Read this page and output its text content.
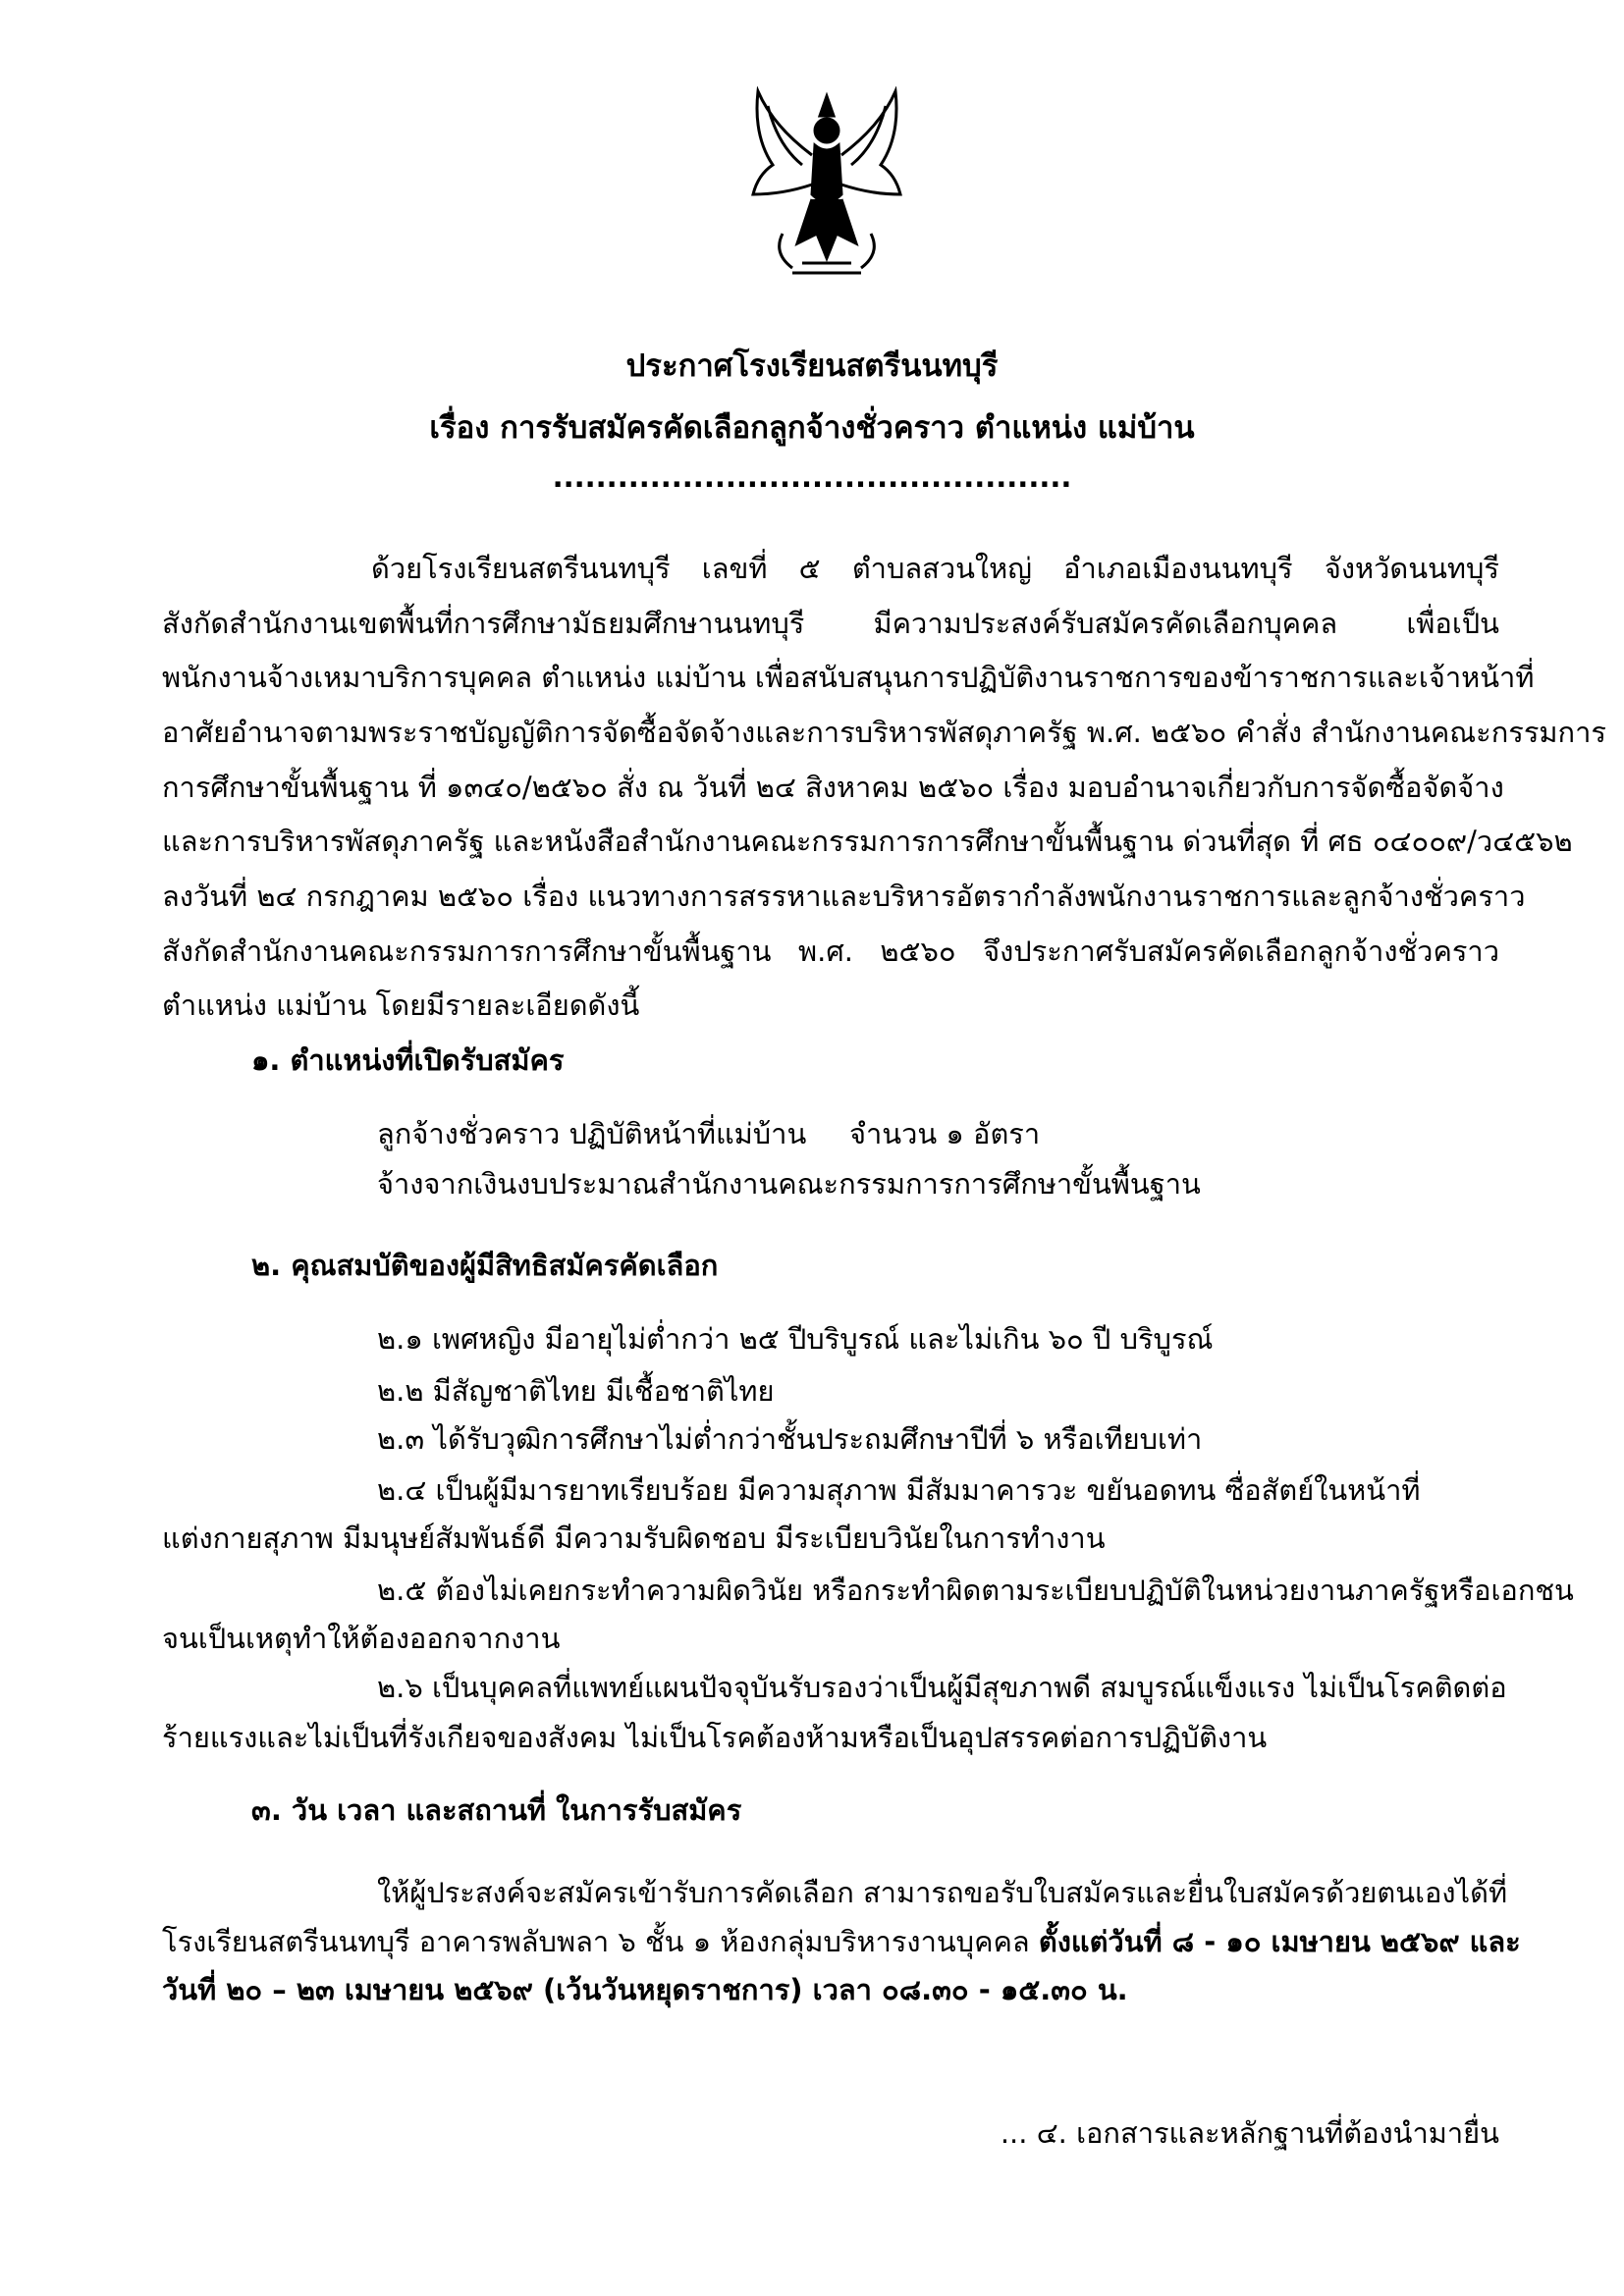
ประกาศโรงเรียนสตรีนนทบุรี
เรื่อง การรับสมัครคัดเลือกลูกจ้างชั่วคราว ตำแหน่ง แม่บ้าน
................................................
ด้วยโรงเรียนสตรีนนทบุรี เลขที่ ๕ ตำบลสวนใหญ่ อำเภอเมืองนนทบุรี จังหวัดนนทบุรี
สังกัดสำนักงานเขตพื้นที่การศึกษามัธยมศึกษานนทบุรี มีความประสงค์รับสมัครคัดเลือกบุคคล เพื่อเป็น
พนักงานจ้างเหมาบริการบุคคล ตำแหน่ง แม่บ้าน เพื่อสนับสนุนการปฏิบัติงานราชการของข้าราชการและเจ้าหน้าที่
อาศัยอำนาจตามพระราชบัญญัติการจัดซื้อจัดจ้างและการบริหารพัสดุภาครัฐ พ.ศ. ๒๕๖๐ คำสั่ง สำนักงานคณะกรรมการ
การศึกษาขั้นพื้นฐาน ที่ ๑๓๔๐/๒๕๖๐ สั่ง ณ วันที่ ๒๔ สิงหาคม ๒๕๖๐ เรื่อง มอบอำนาจเกี่ยวกับการจัดซื้อจัดจ้าง
และการบริหารพัสดุภาครัฐ และหนังสือสำนักงานคณะกรรมการการศึกษาขั้นพื้นฐาน ด่วนที่สุด ที่ ศธ ๐๔๐๐๙/ว๔๕๖๒
ลงวันที่ ๒๔ กรกฎาคม ๒๕๖๐ เรื่อง แนวทางการสรรหาและบริหารอัตรากำลังพนักงานราชการและลูกจ้างชั่วคราว
สังกัดสำนักงานคณะกรรมการการศึกษาขั้นพื้นฐาน พ.ศ. ๒๕๖๐ จึงประกาศรับสมัครคัดเลือกลูกจ้างชั่วคราว
ตำแหน่ง แม่บ้าน โดยมีรายละเอียดดังนี้
๑. ตำแหน่งที่เปิดรับสมัคร
ลูกจ้างชั่วคราว ปฏิบัติหน้าที่แม่บ้าน จำนวน ๑ อัตรา
จ้างจากเงินงบประมาณสำนักงานคณะกรรมการการศึกษาขั้นพื้นฐาน
๒. คุณสมบัติของผู้มีสิทธิสมัครคัดเลือก
๒.๑ เพศหญิง มีอายุไม่ต่ำกว่า ๒๕ ปีบริบูรณ์ และไม่เกิน ๖๐ ปี บริบูรณ์
๒.๒ มีสัญชาติไทย มีเชื้อชาติไทย
๒.๓ ได้รับวุฒิการศึกษาไม่ต่ำกว่าชั้นประถมศึกษาปีที่ ๖ หรือเทียบเท่า
๒.๔ เป็นผู้มีมารยาทเรียบร้อย มีความสุภาพ มีสัมมาคารวะ ขยันอดทน ซื่อสัตย์ในหน้าที่
แต่งกายสุภาพ มีมนุษย์สัมพันธ์ดี มีความรับผิดชอบ มีระเบียบวินัยในการทำงาน
๒.๕ ต้องไม่เคยกระทำความผิดวินัย หรือกระทำผิดตามระเบียบปฏิบัติในหน่วยงานภาครัฐหรือเอกชน
จนเป็นเหตุทำให้ต้องออกจากงาน
๒.๖ เป็นบุคคลที่แพทย์แผนปัจจุบันรับรองว่าเป็นผู้มีสุขภาพดี สมบูรณ์แข็งแรง ไม่เป็นโรคติดต่อ
ร้ายแรงและไม่เป็นที่รังเกียจของสังคม ไม่เป็นโรคต้องห้ามหรือเป็นอุปสรรคต่อการปฏิบัติงาน
๓. วัน เวลา และสถานที่ ในการรับสมัคร
ให้ผู้ประสงค์จะสมัครเข้ารับการคัดเลือก สามารถขอรับใบสมัครและยื่นใบสมัครด้วยตนเองได้ที่
โรงเรียนสตรีนนทบุรี อาคารพลับพลา ๖ ชั้น ๑ ห้องกลุ่มบริหารงานบุคคล ตั้งแต่วันที่ ๘ - ๑๐ เมษายน ๒๕๖๙ และ
วันที่ ๒๐ – ๒๓ เมษายน ๒๕๖๙ (เว้นวันหยุดราชการ) เวลา ๐๘.๓๐ - ๑๕.๓๐ น.
... ๔. เอกสารและหลักฐานที่ต้องนำมายื่น
